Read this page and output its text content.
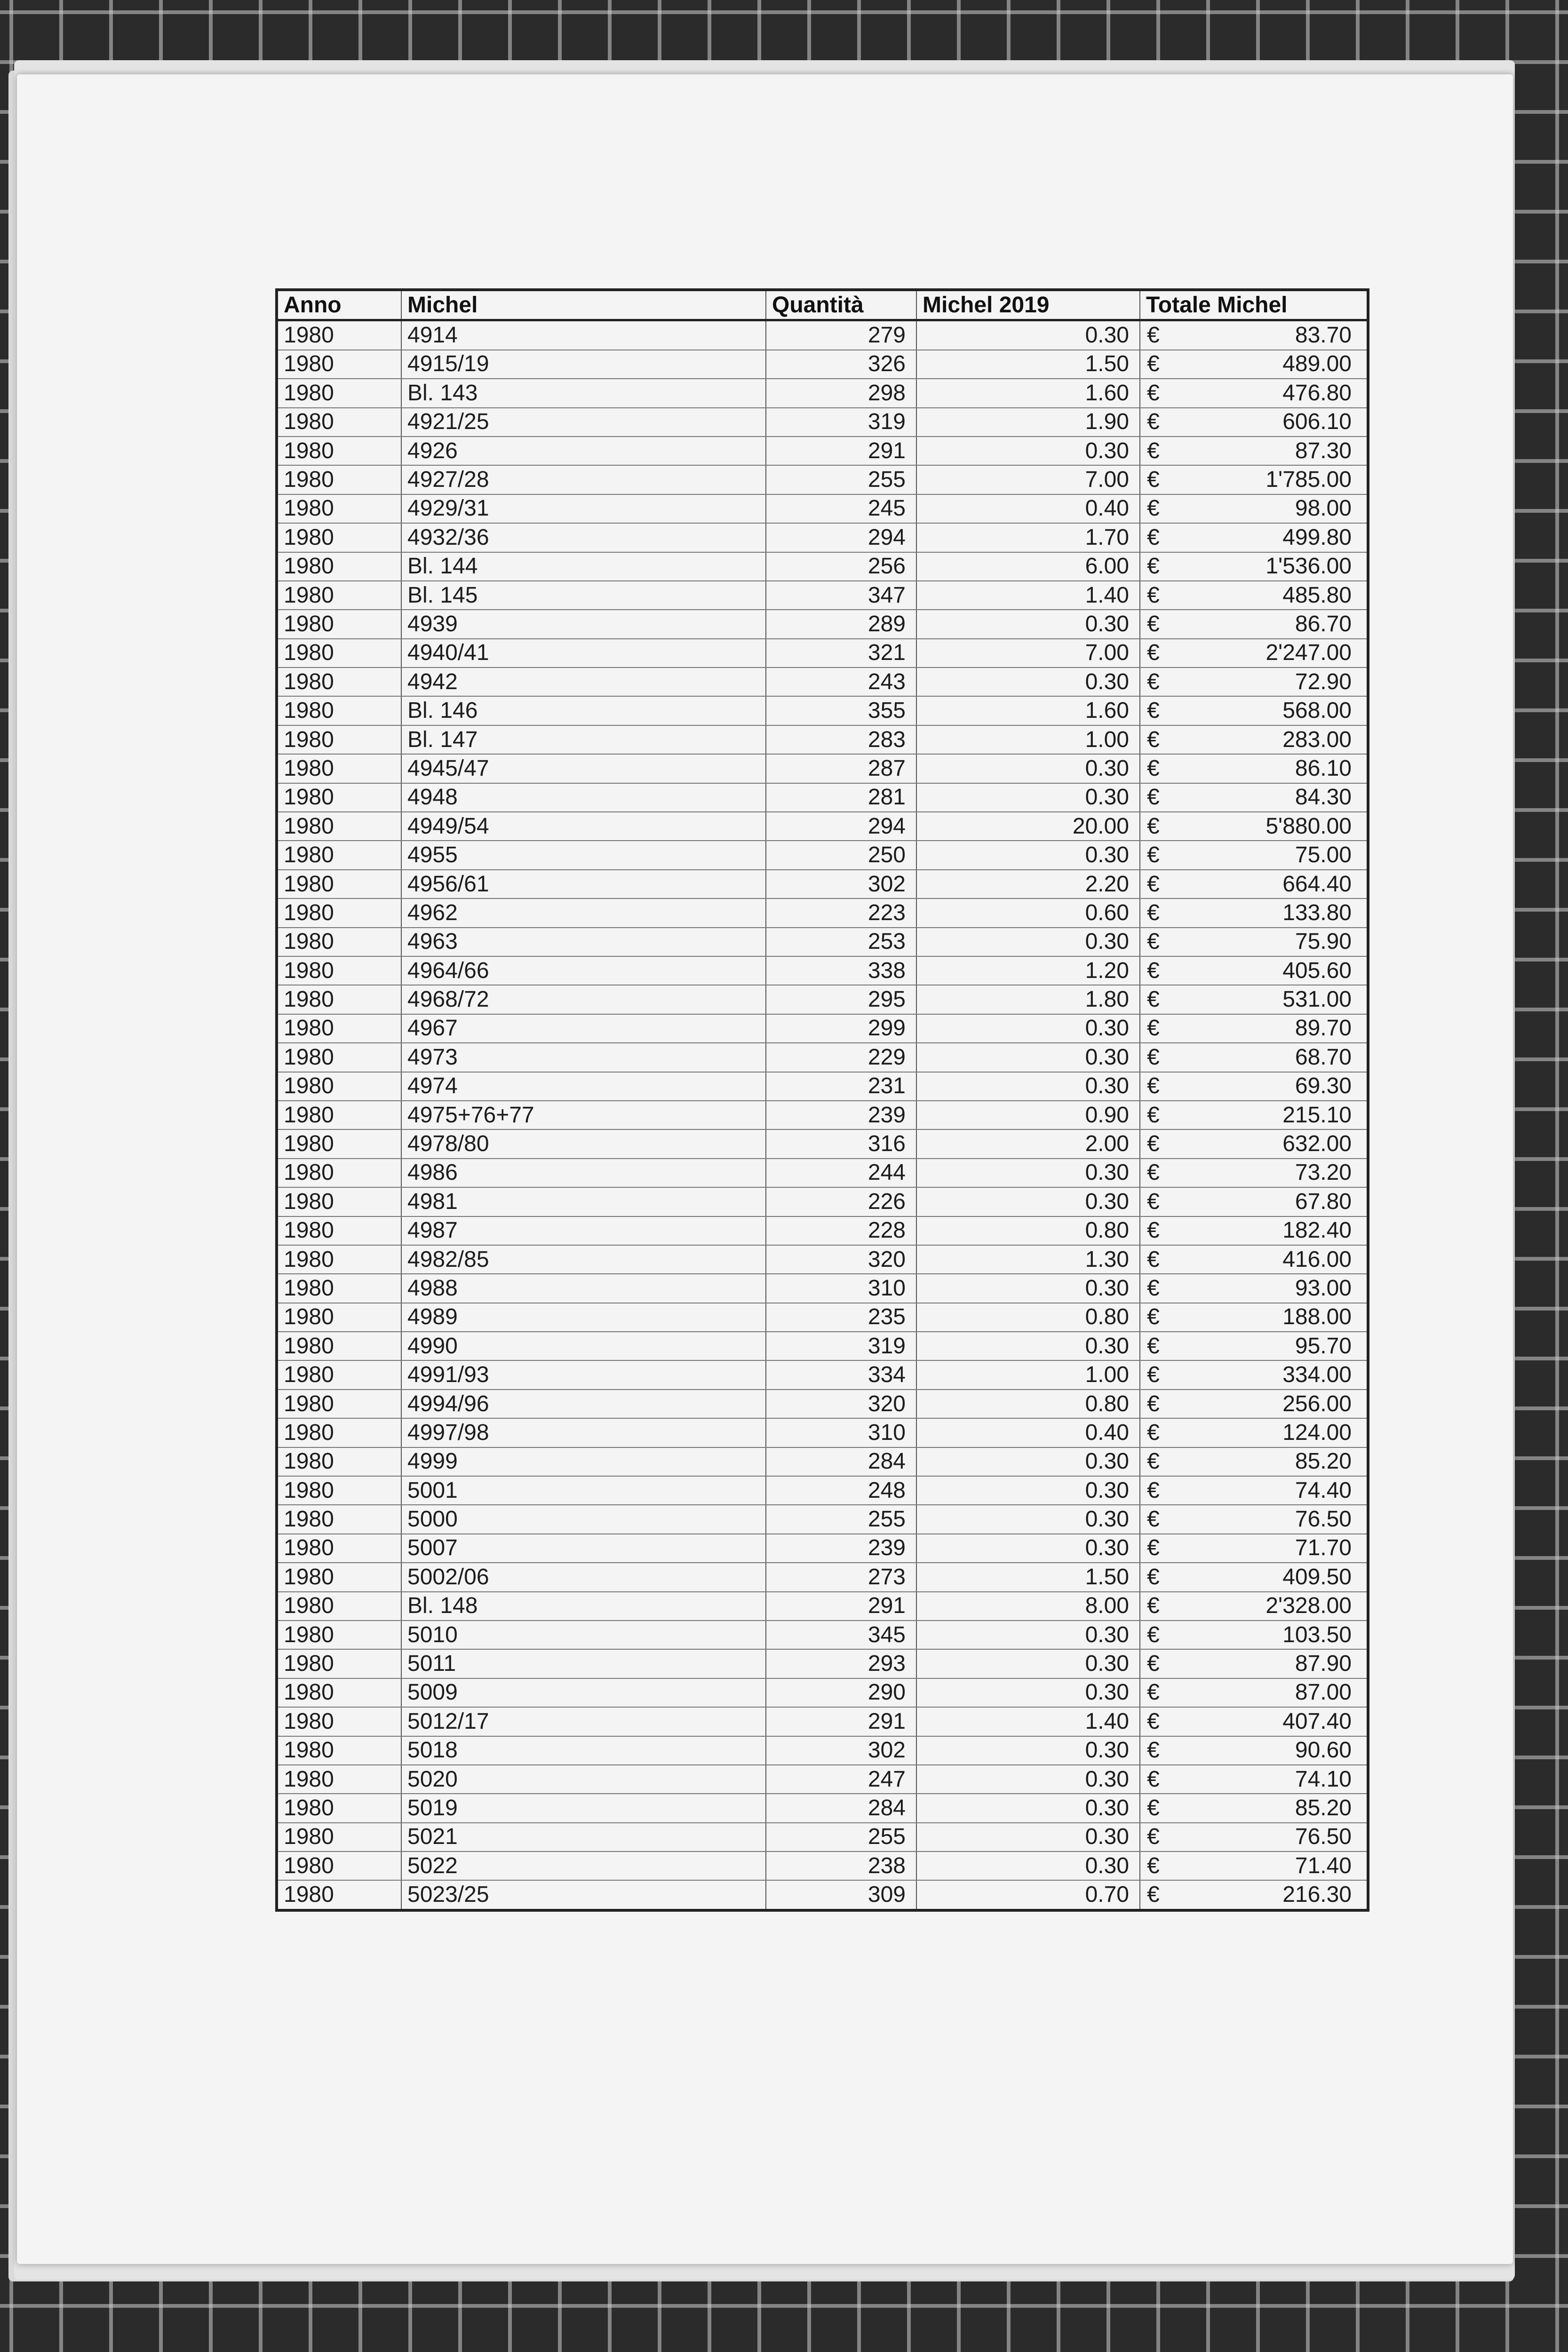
Anno	Michel	Quantità	Michel 2019	Totale Michel
1980	4914	279	0.30	€ 83.70

1980	4915/19	326	1.50	€ 489.00

1980	Bl. 143	298	1.60	€ 476.80

1980	4921/25	319	1.90	€ 606.10

1980	4926	291	0.30	€ 87.30

1980	4927/28	255	7.00	€ 1'785.00

1980	4929/31	245	0.40	€ 98.00

1980	4932/36	294	1.70	€ 499.80

1980	Bl. 144	256	6.00	€ 1'536.00

1980	Bl. 145	347	1.40	€ 485.80

1980	4939	289	0.30	€ 86.70

1980	4940/41	321	7.00	€ 2'247.00

1980	4942	243	0.30	€ 72.90

1980	Bl. 146	355	1.60	€ 568.00

1980	Bl. 147	283	1.00	€ 283.00

1980	4945/47	287	0.30	€ 86.10

1980	4948	281	0.30	€ 84.30

1980	4949/54	294	20.00	€ 5'880.00

1980	4955	250	0.30	€ 75.00

1980	4956/61	302	2.20	€ 664.40

1980	4962	223	0.60	€ 133.80

1980	4963	253	0.30	€ 75.90

1980	4964/66	338	1.20	€ 405.60

1980	4968/72	295	1.80	€ 531.00

1980	4967	299	0.30	€ 89.70

1980	4973	229	0.30	€ 68.70

1980	4974	231	0.30	€ 69.30

1980	4975+76+77	239	0.90	€ 215.10

1980	4978/80	316	2.00	€ 632.00

1980	4986	244	0.30	€ 73.20

1980	4981	226	0.30	€ 67.80

1980	4987	228	0.80	€ 182.40

1980	4982/85	320	1.30	€ 416.00

1980	4988	310	0.30	€ 93.00

1980	4989	235	0.80	€ 188.00

1980	4990	319	0.30	€ 95.70

1980	4991/93	334	1.00	€ 334.00

1980	4994/96	320	0.80	€ 256.00

1980	4997/98	310	0.40	€ 124.00

1980	4999	284	0.30	€ 85.20

1980	5001	248	0.30	€ 74.40

1980	5000	255	0.30	€ 76.50

1980	5007	239	0.30	€ 71.70

1980	5002/06	273	1.50	€ 409.50

1980	Bl. 148	291	8.00	€ 2'328.00

1980	5010	345	0.30	€ 103.50

1980	5011	293	0.30	€ 87.90

1980	5009	290	0.30	€ 87.00

1980	5012/17	291	1.40	€ 407.40

1980	5018	302	0.30	€ 90.60

1980	5020	247	0.30	€ 74.10

1980	5019	284	0.30	€ 85.20

1980	5021	255	0.30	€ 76.50

1980	5022	238	0.30	€ 71.40

1980	5023/25	309	0.70	€ 216.30
